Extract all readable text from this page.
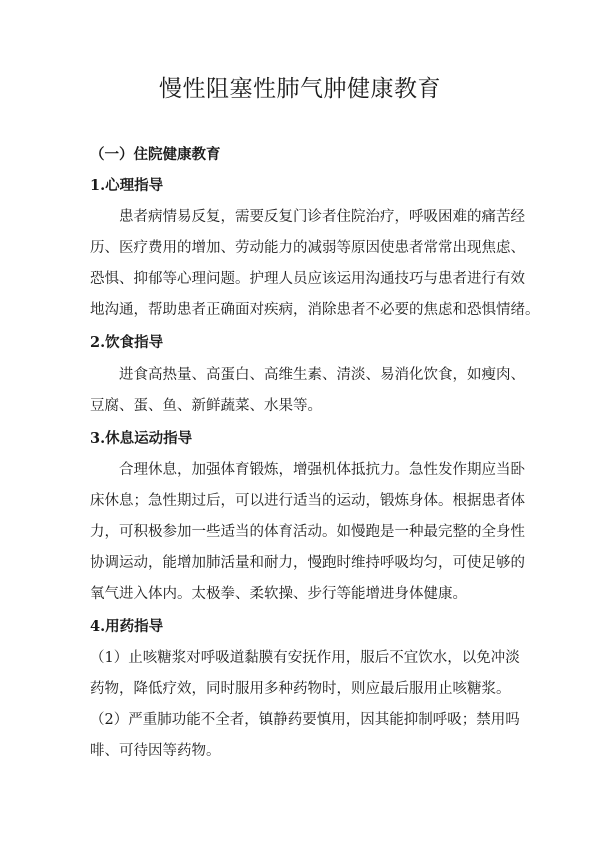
慢性阻塞性肺气肿健康教育
（一）住院健康教育
1.心理指导
患者病情易反复，需要反复门诊者住院治疗，呼吸困难的痛苦经
历、医疗费用的增加、劳动能力的减弱等原因使患者常常出现焦虑、
恐惧、抑郁等心理问题。护理人员应该运用沟通技巧与患者进行有效
地沟通，帮助患者正确面对疾病，消除患者不必要的焦虑和恐惧情绪。
2.饮食指导
进食高热量、高蛋白、高维生素、清淡、易消化饮食，如瘦肉、
豆腐、蛋、鱼、新鲜蔬菜、水果等。
3.休息运动指导
合理休息，加强体育锻炼，增强机体抵抗力。急性发作期应当卧
床休息；急性期过后，可以进行适当的运动，锻炼身体。根据患者体
力，可积极参加一些适当的体育活动。如慢跑是一种最完整的全身性
协调运动，能增加肺活量和耐力，慢跑时维持呼吸均匀，可使足够的
氧气进入体内。太极拳、柔软操、步行等能增进身体健康。
4.用药指导
（1）止咳糖浆对呼吸道黏膜有安抚作用，服后不宜饮水，以免冲淡
药物，降低疗效，同时服用多种药物时，则应最后服用止咳糖浆。
（2）严重肺功能不全者，镇静药要慎用，因其能抑制呼吸；禁用吗
啡、可待因等药物。
